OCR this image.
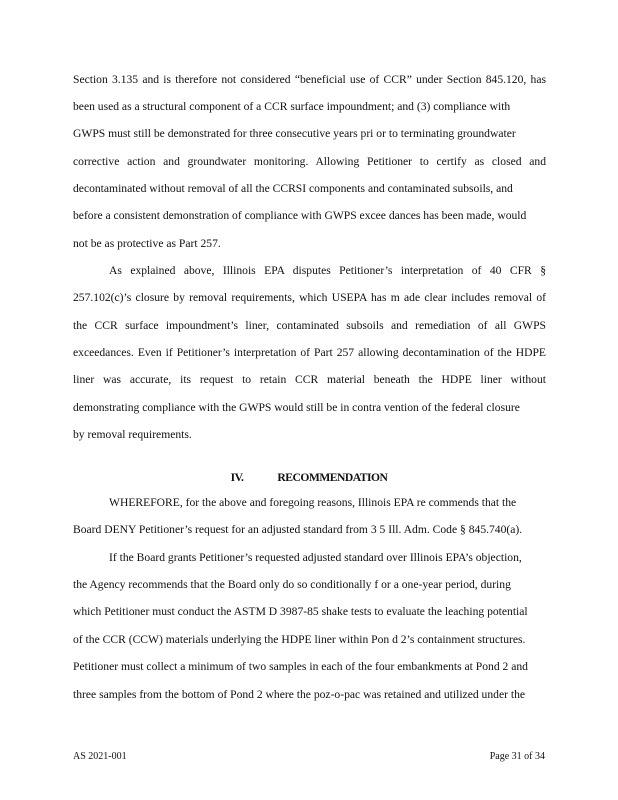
Section 3.135 and is therefore not considered “beneficial use of CCR” under Section 845.120, has
been used as a structural component of a CCR surface impoundment; and (3) compliance with
GWPS must still be demonstrated for three consecutive years pri or to terminating groundwater
corrective action and groundwater monitoring. Allowing Petitioner to certify as closed and
decontaminated without removal of all the CCRSI components and contaminated subsoils, and
before a consistent demonstration of compliance with GWPS excee dances has been made, would
not be as protective as Part 257.
As explained above, Illinois EPA disputes Petitioner’s interpretation of 40 CFR §
257.102(c)’s closure by removal requirements, which USEPA has m ade clear includes removal of
the CCR surface impoundment’s liner, contaminated subsoils and remediation of all GWPS
exceedances. Even if Petitioner’s interpretation of Part 257 allowing decontamination of the HDPE
liner was accurate, its request to retain CCR material beneath the HDPE liner without
demonstrating compliance with the GWPS would still be in contra vention of the federal closure
by removal requirements.
IV.	RECOMMENDATION
WHEREFORE, for the above and foregoing reasons, Illinois EPA re commends that the
Board DENY Petitioner’s request for an adjusted standard from 3 5 Ill. Adm. Code § 845.740(a).
If the Board grants Petitioner’s requested adjusted standard over Illinois EPA’s objection,
the Agency recommends that the Board only do so conditionally f or a one-year period, during
which Petitioner must conduct the ASTM D 3987-85 shake tests to evaluate the leaching potential
of the CCR (CCW) materials underlying the HDPE liner within Pon d 2’s containment structures.
Petitioner must collect a minimum of two samples in each of the four embankments at Pond 2 and
three samples from the bottom of Pond 2 where the poz-o-pac was retained and utilized under the
AS 2021-001	Page 31 of 34
